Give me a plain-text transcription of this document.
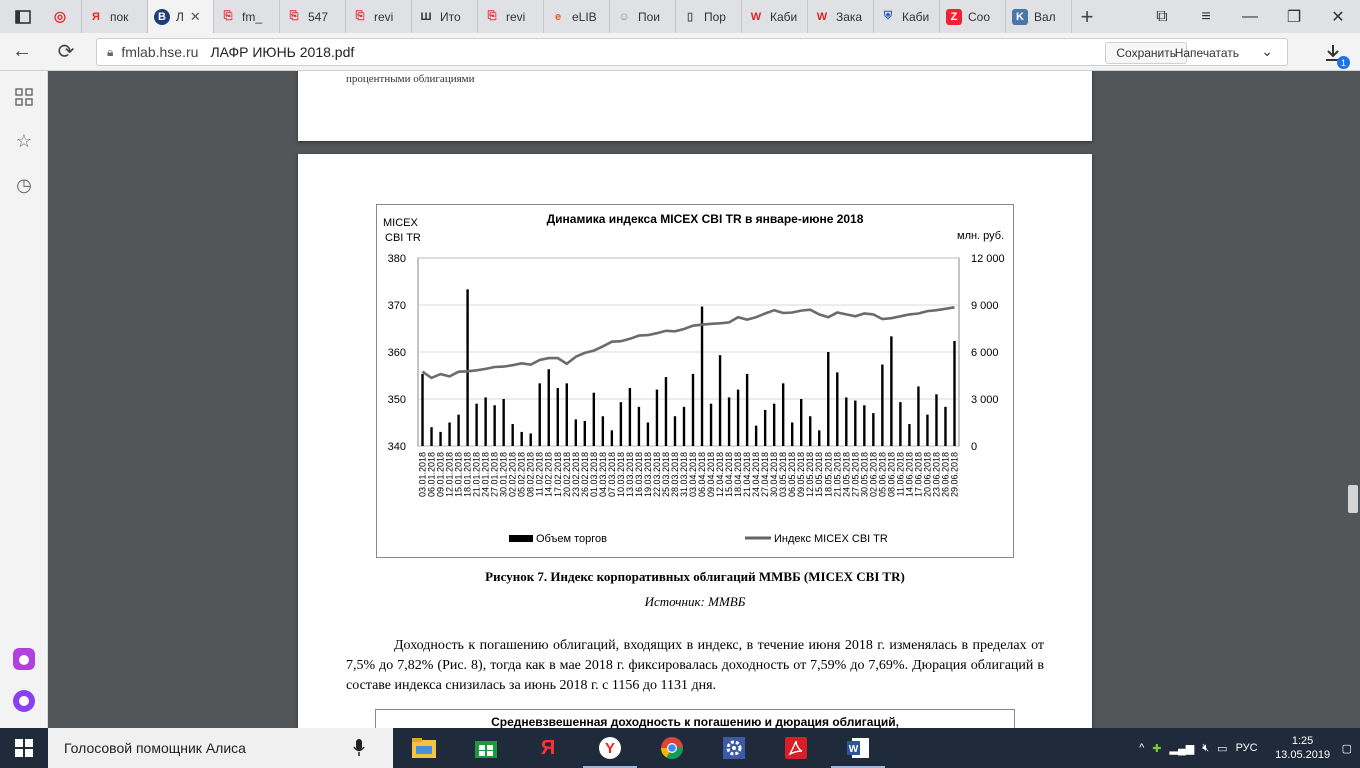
◎	Я пок	В Л ✕	⎘ fm_	⎘ 547	⎘ revi Ш Ито	⎘ revi	e eLIB ☺ Пои	▯ Пор W Каби W Зака	⛨ Каби	Z Соо	K Вал	+	⧉	≡	—	❐	✕
←	⟳	🔒︎ fmlab.hse.ru ЛАФР ИЮНЬ 2018.pdf	Сохранить
Напечатать	⌄
1
☆
◷
процентными облигациями
Динамика индекса MICEX CBI TR в январе-июне 2018
MICEX
CBI TR	млн. руб.
380	12 000
370	9 000
360	6 000
350	3 000
340	0
03.01.2018 06.01.2018 09.01.2018 12.01.2018 15.01.2018 18.01.2018 21.01.2018 24.01.2018 27.01.2018 30.01.2018 02.02.2018 05.02.2018 08.02.2018 11.02.2018 14.02.2018 17.02.2018 20.02.2018 23.02.2018 26.02.2018 01.03.2018 04.03.2018 07.03.2018 10.03.2018 13.03.2018 16.03.2018 19.03.2018 22.03.2018 25.03.2018 28.03.2018 31.03.2018 03.04.2018 06.04.2018 09.04.2018 12.04.2018 15.04.2018 18.04.2018 21.04.2018 24.04.2018 27.04.2018 30.04.2018 03.05.2018 06.05.2018 09.05.2018 12.05.2018 15.05.2018 18.05.2018 21.05.2018 24.05.2018 27.05.2018 30.05.2018 02.06.2018 05.06.2018 08.06.2018 11.06.2018 14.06.2018 17.06.2018 20.06.2018 23.06.2018 26.06.2018 29.06.2018
Объем торгов	Индекс MICEX CBI TR
Рисунок 7. Индекс корпоративных облигаций ММВБ (MICEX CBI TR)
Источник: ММВБ

Доходность к погашению облигаций, входящих в индекс, в течение июня 2018 г. изменялась в пределах от 7,5% до 7,82% (Рис. 8), тогда как в мае 2018 г. фиксировалась доходность от 7,59% до 7,69%. Дюрация облигаций в составе индекса снизилась за июнь 2018 г. с 1156 до 1131 дня.

Средневзвешенная доходность к погашению и дюрация облигаций,
Голосовой помощник Алиса	Я	Y	W	^ ✚ ▂▄▆ 🔇︎ ▭ РУС
1:25
13.05.2019
▢
